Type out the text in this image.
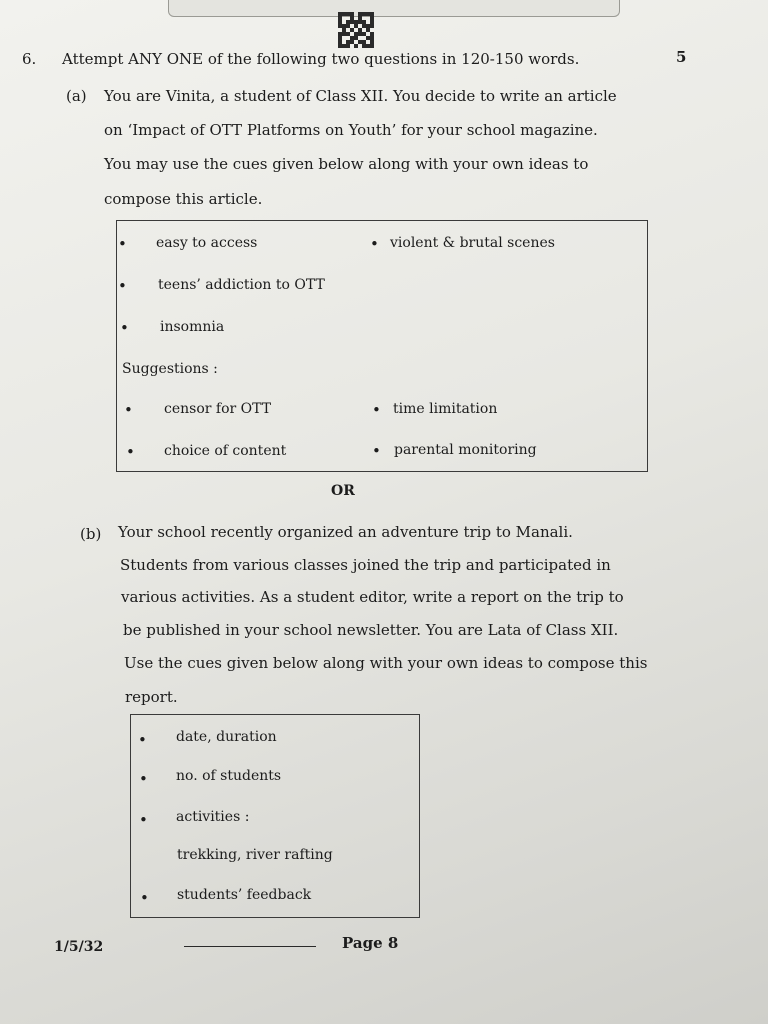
6. Attempt ANY ONE of the following two questions in 120-150 words.	5
(a) You are Vinita, a student of Class XII. You decide to write an article
on ‘Impact of OTT Platforms on Youth’ for your school magazine.
You may use the cues given below along with your own ideas to
compose this article.
• easy to access	• violent & brutal scenes
• teens’ addiction to OTT
• insomnia
Suggestions :
• censor for OTT	• time limitation
• choice of content	• parental monitoring
OR
(b) Your school recently organized an adventure trip to Manali.
Students from various classes joined the trip and participated in
various activities. As a student editor, write a report on the trip to
be published in your school newsletter. You are Lata of Class XII.
Use the cues given below along with your own ideas to compose this
report.
• date, duration
• no. of students
• activities :
trekking, river rafting
• students’ feedback
1/5/32	Page 8
